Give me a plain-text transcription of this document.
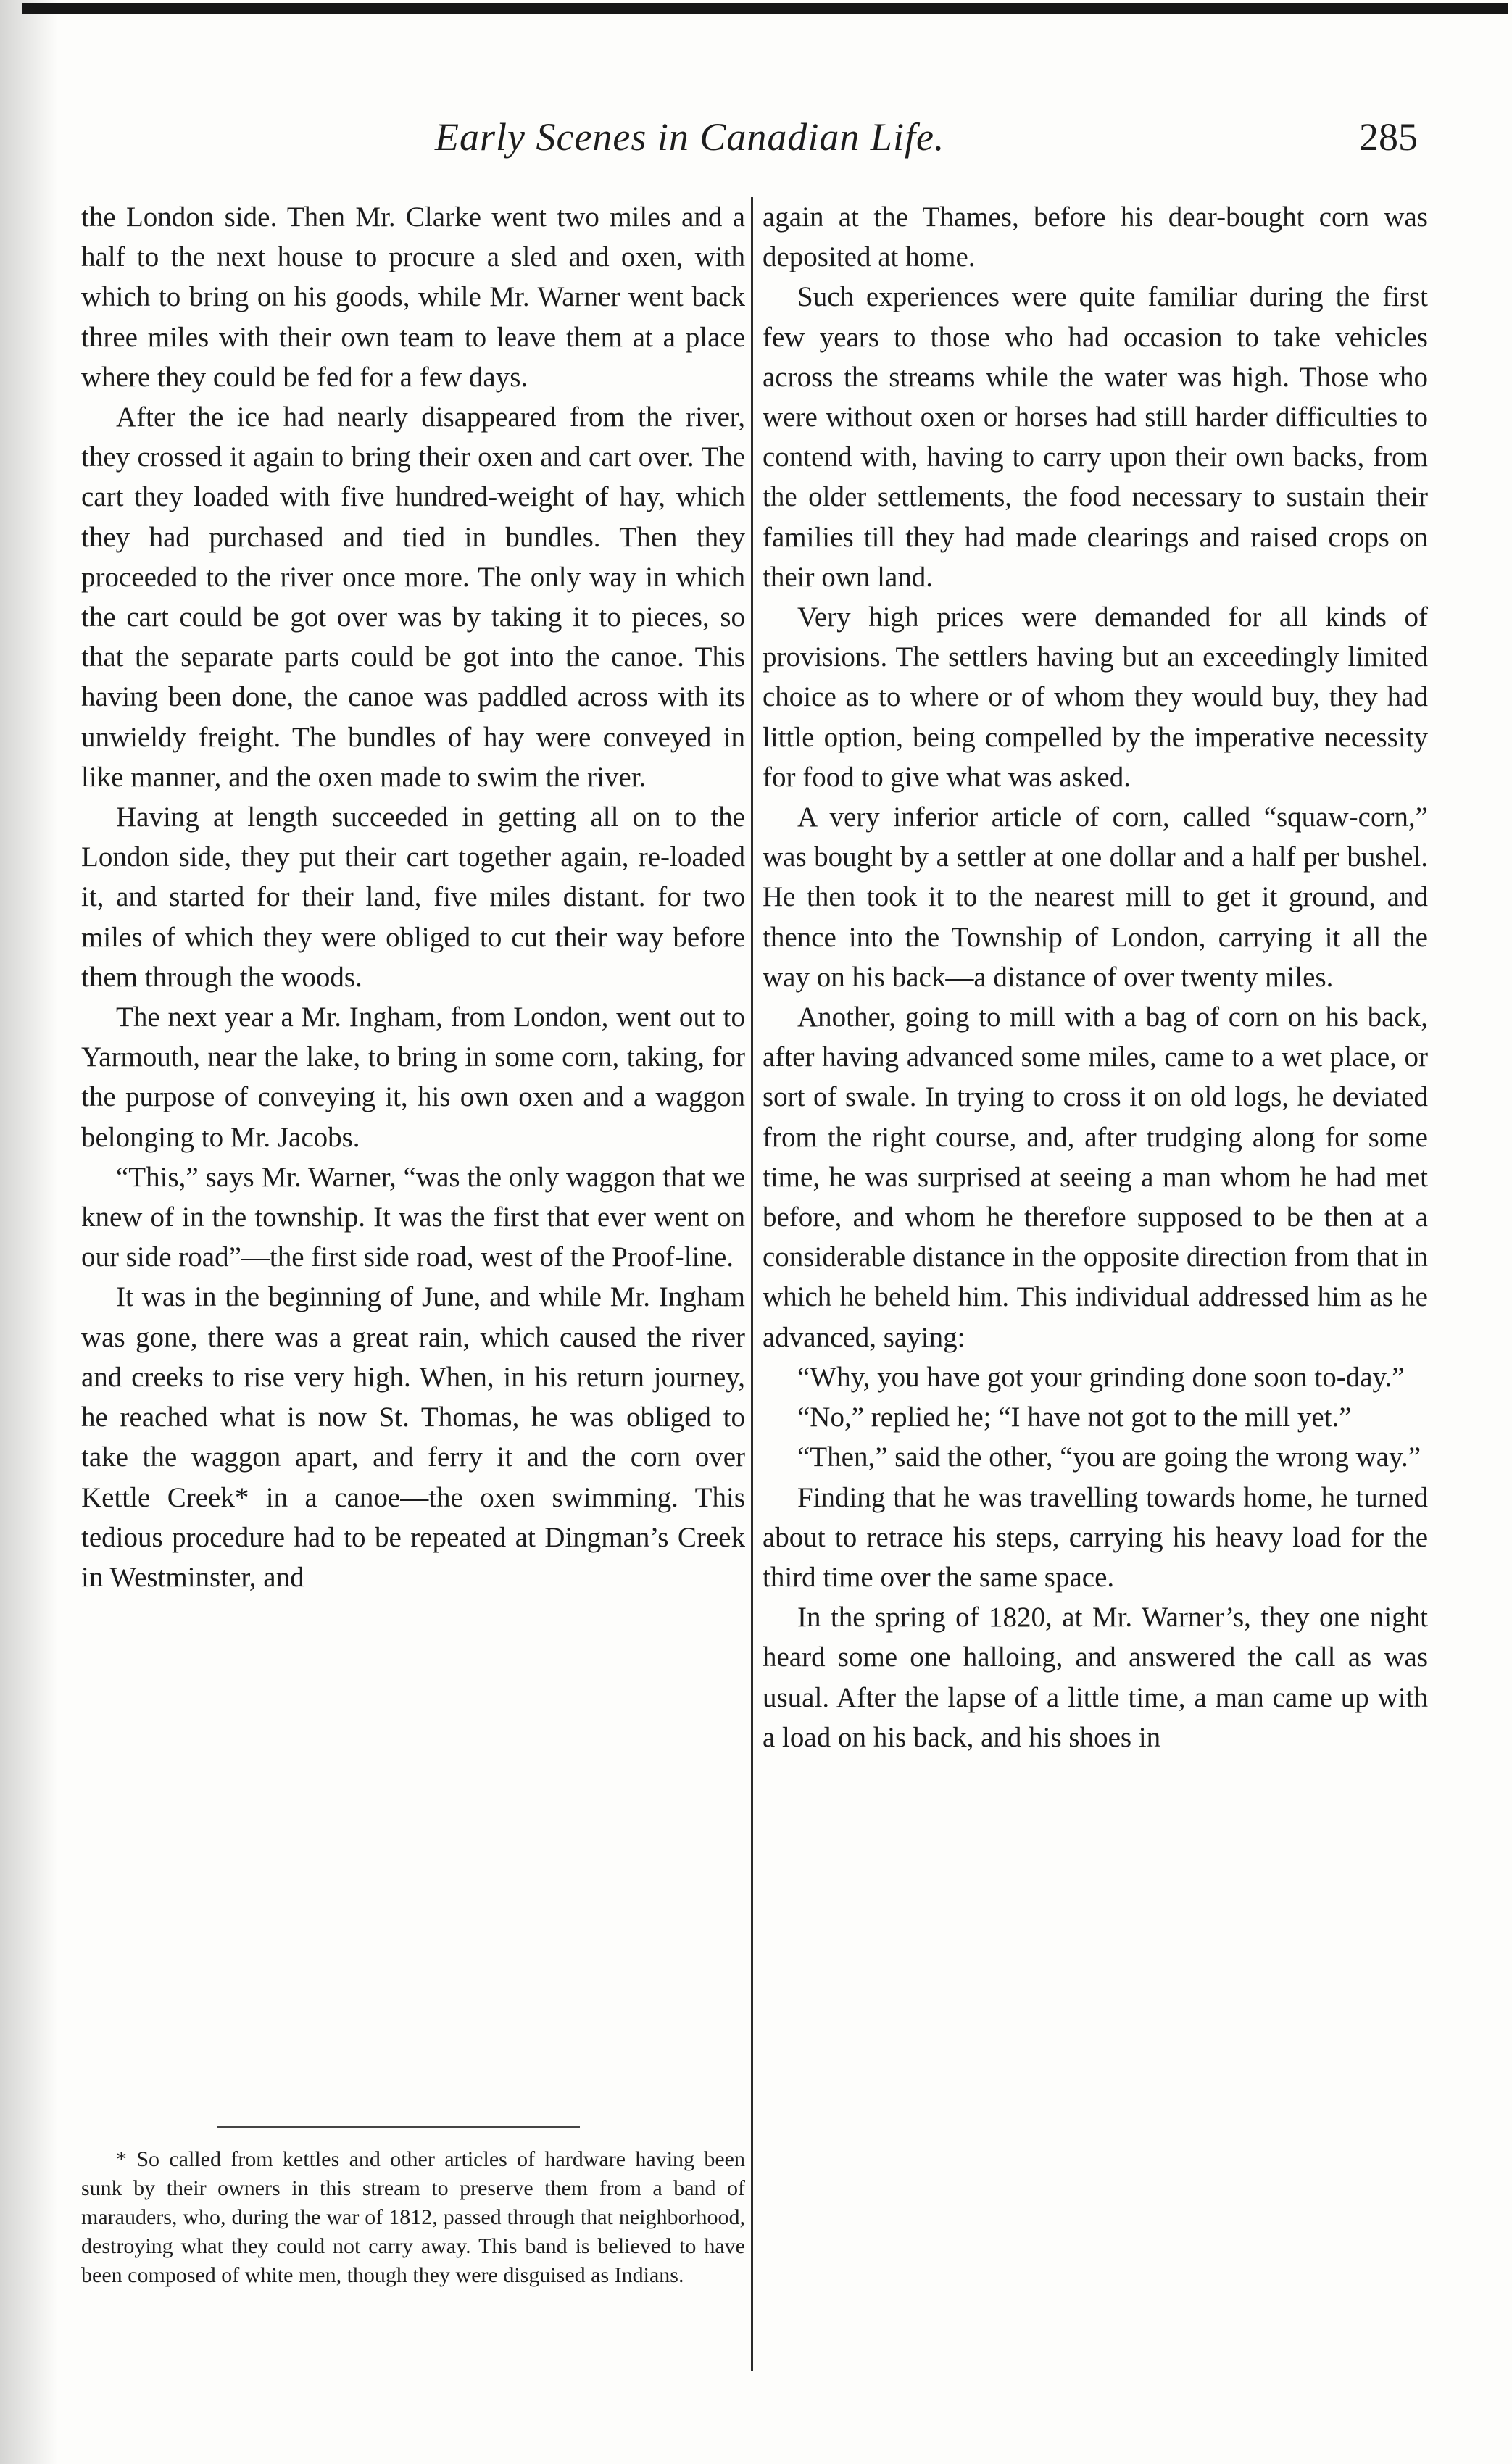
Early Scenes in Canadian Life.	285

the London side. Then Mr. Clarke went two miles and a half to the next house to procure a sled and oxen, with which to bring on his goods, while Mr. Warner went back three miles with their own team to leave them at a place where they could be fed for a few days.

After the ice had nearly disappeared from the river, they crossed it again to bring their oxen and cart over. The cart they loaded with five hundred-weight of hay, which they had purchased and tied in bundles. Then they proceeded to the river once more. The only way in which the cart could be got over was by taking it to pieces, so that the separate parts could be got into the canoe. This having been done, the canoe was paddled across with its unwieldy freight. The bundles of hay were conveyed in like manner, and the oxen made to swim the river.

Having at length succeeded in getting all on to the London side, they put their cart together again, re-loaded it, and started for their land, five miles distant. for two miles of which they were obliged to cut their way before them through the woods.

The next year a Mr. Ingham, from London, went out to Yarmouth, near the lake, to bring in some corn, taking, for the purpose of conveying it, his own oxen and a waggon belonging to Mr. Jacobs.

“This,” says Mr. Warner, “was the only waggon that we knew of in the township. It was the first that ever went on our side road”—the first side road, west of the Proof-line.

It was in the beginning of June, and while Mr. Ingham was gone, there was a great rain, which caused the river and creeks to rise very high. When, in his return journey, he reached what is now St. Thomas, he was obliged to take the waggon apart, and ferry it and the corn over Kettle Creek* in a canoe—the oxen swimming. This tedious procedure had to be repeated at Dingman’s Creek in Westminster, and

again at the Thames, before his dear-bought corn was deposited at home.

Such experiences were quite familiar during the first few years to those who had occasion to take vehicles across the streams while the water was high. Those who were without oxen or horses had still harder difficulties to contend with, having to carry upon their own backs, from the older settlements, the food necessary to sustain their families till they had made clearings and raised crops on their own land.

Very high prices were demanded for all kinds of provisions. The settlers having but an exceedingly limited choice as to where or of whom they would buy, they had little option, being compelled by the imperative necessity for food to give what was asked.

A very inferior article of corn, called “squaw-corn,” was bought by a settler at one dollar and a half per bushel. He then took it to the nearest mill to get it ground, and thence into the Township of London, carrying it all the way on his back—a distance of over twenty miles.

Another, going to mill with a bag of corn on his back, after having advanced some miles, came to a wet place, or sort of swale. In trying to cross it on old logs, he deviated from the right course, and, after trudging along for some time, he was surprised at seeing a man whom he had met before, and whom he therefore supposed to be then at a considerable distance in the opposite direction from that in which he beheld him. This individual addressed him as he advanced, saying:

“Why, you have got your grinding done soon to-day.”

“No,” replied he; “I have not got to the mill yet.”

“Then,” said the other, “you are going the wrong way.”

Finding that he was travelling towards home, he turned about to retrace his steps, carrying his heavy load for the third time over the same space.

In the spring of 1820, at Mr. Warner’s, they one night heard some one halloing, and answered the call as was usual. After the lapse of a little time, a man came up with a load on his back, and his shoes in

* So called from kettles and other articles of hardware having been sunk by their owners in this stream to preserve them from a band of marauders, who, during the war of 1812, passed through that neighborhood, destroying what they could not carry away. This band is believed to have been composed of white men, though they were disguised as Indians.
